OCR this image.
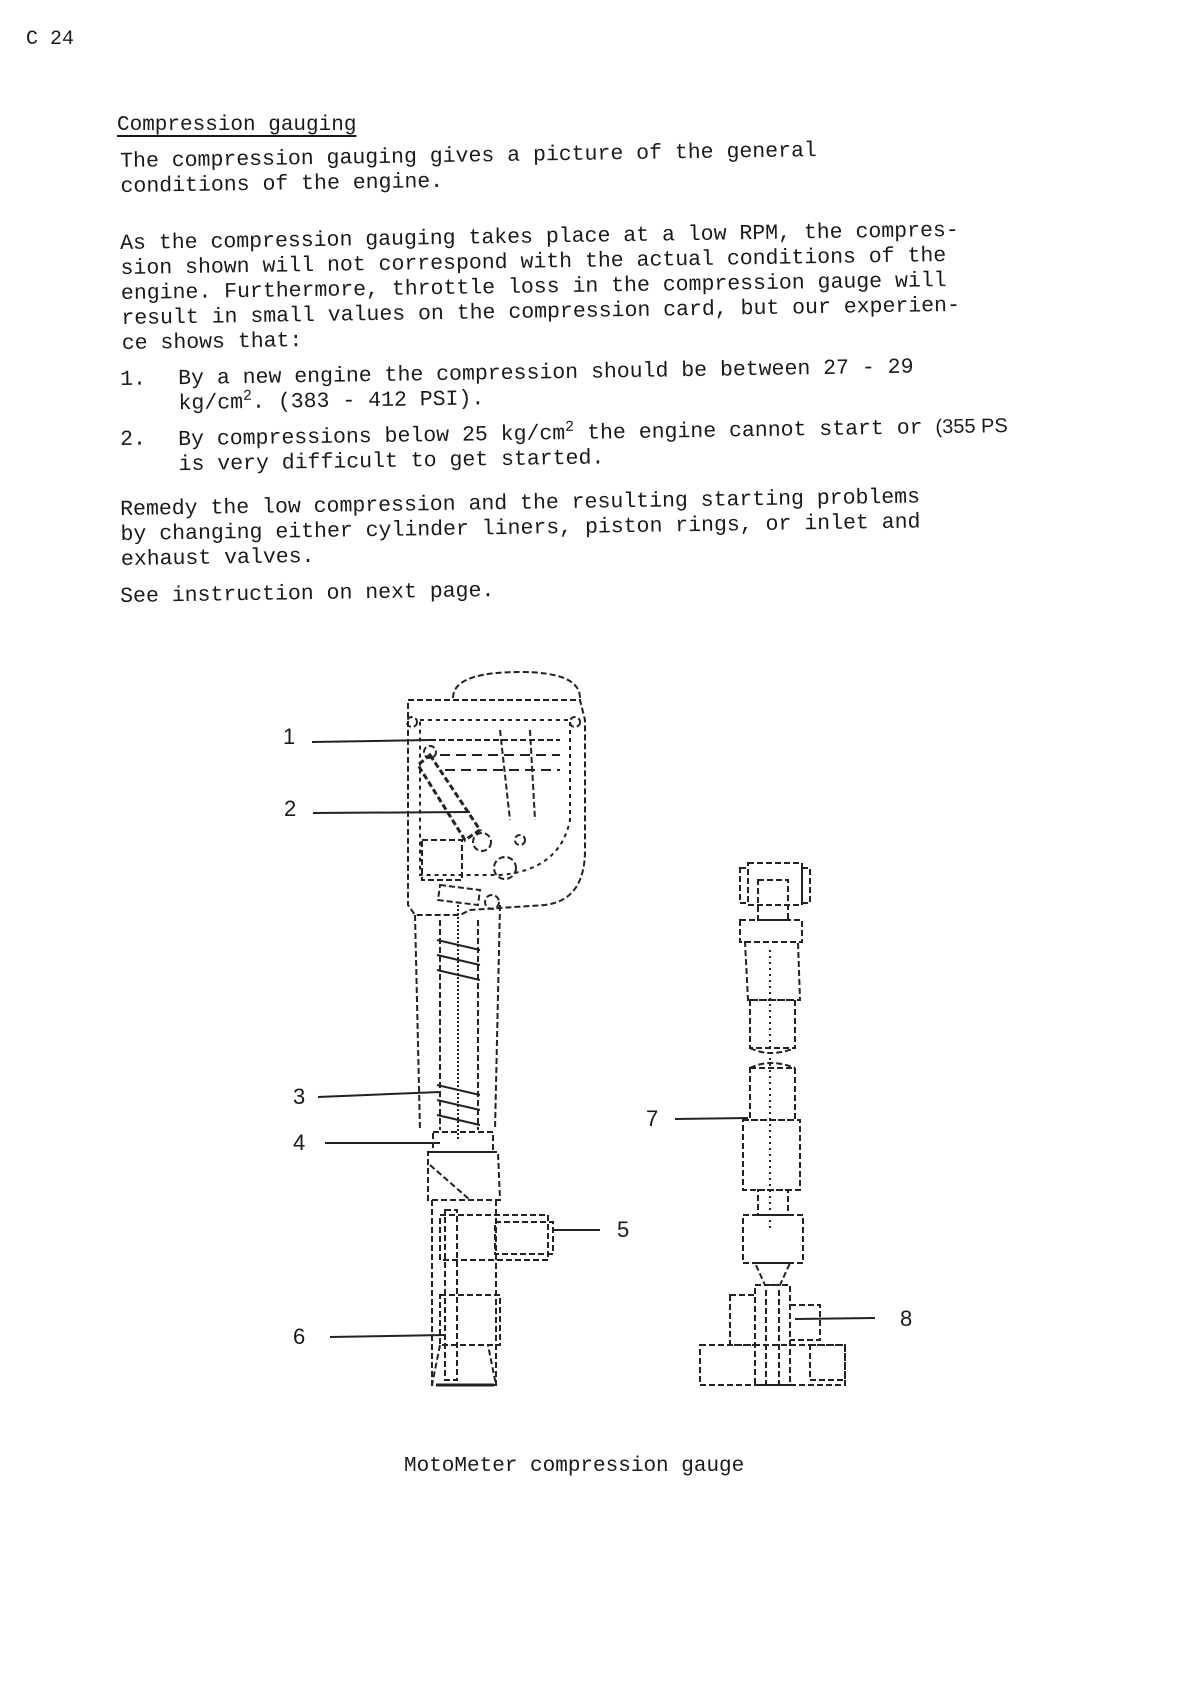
C 24
Compression gauging
The compression gauging gives a picture of the general
conditions of the engine.
As the compression gauging takes place at a low RPM, the compres-
sion shown will not correspond with the actual conditions of the
engine. Furthermore, throttle loss in the compression gauge will
result in small values on the compression card, but our experien-
ce shows that:
1. By a new engine the compression should be between 27 - 29
$kg/cm^2$. (383 - 412 PSI).
2. By compressions below 25 $kg/cm^2$ the engine cannot start or (355 PS
is very difficult to get started.
Remedy the low compression and the resulting starting problems
by changing either cylinder liners, piston rings, or inlet and
exhaust valves.
See instruction on next page.
1
2
3
4
5
6
7
8
MotoMeter compression gauge
